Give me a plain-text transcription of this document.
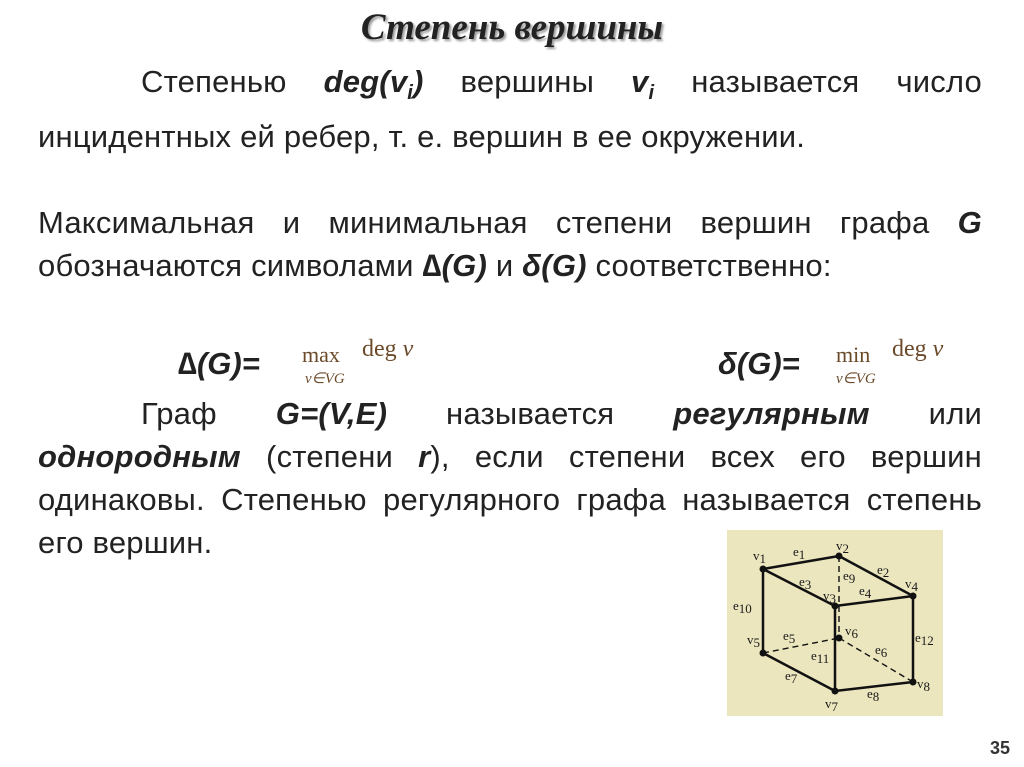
Степень вершины
Степенью $deg(v_i)$ вершины $v_i$ называется число инцидентных ей ребер, т. е. вершин в ее окружении.
Максимальная и минимальная степени вершин графа G обозначаются символами ∆(G) и δ(G) соответственно:
∆(G)= max
v∈VG
deg v	δ(G)= min
v∈VG
deg v
Граф G=(V,E) называется регулярным или однородным (степени r), если степени всех его вершин одинаковы. Степенью регулярного графа называется степень его вершин.	v1
v2
v3
v4
v5
v6
v7
v8
e1
e2
e3	e4
e5
e6
e7
e8
e9
e10
e11
e12
35
